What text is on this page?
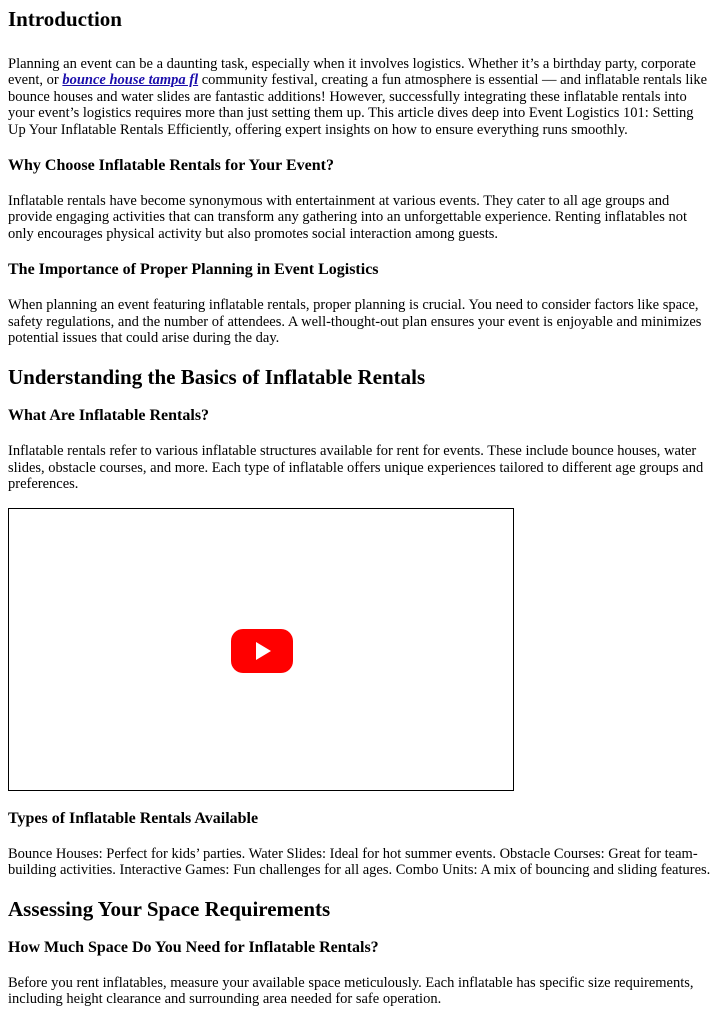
Introduction

Planning an event can be a daunting task, especially when it involves logistics. Whether it’s a birthday party, corporate event, or bounce house tampa fl community festival, creating a fun atmosphere is essential — and inflatable rentals like bounce houses and water slides are fantastic additions! However, successfully integrating these inflatable rentals into your event’s logistics requires more than just setting them up. This article dives deep into Event Logistics 101: Setting Up Your Inflatable Rentals Efficiently, offering expert insights on how to ensure everything runs smoothly.

Why Choose Inflatable Rentals for Your Event?

Inflatable rentals have become synonymous with entertainment at various events. They cater to all age groups and provide engaging activities that can transform any gathering into an unforgettable experience. Renting inflatables not only encourages physical activity but also promotes social interaction among guests.

The Importance of Proper Planning in Event Logistics

When planning an event featuring inflatable rentals, proper planning is crucial. You need to consider factors like space, safety regulations, and the number of attendees. A well-thought-out plan ensures your event is enjoyable and minimizes potential issues that could arise during the day.

Understanding the Basics of Inflatable Rentals
What Are Inflatable Rentals?

Inflatable rentals refer to various inflatable structures available for rent for events. These include bounce houses, water slides, obstacle courses, and more. Each type of inflatable offers unique experiences tailored to different age groups and preferences.

Types of Inflatable Rentals Available

Bounce Houses: Perfect for kids’ parties. Water Slides: Ideal for hot summer events. Obstacle Courses: Great for team-building activities. Interactive Games: Fun challenges for all ages. Combo Units: A mix of bouncing and sliding features.

Assessing Your Space Requirements
How Much Space Do You Need for Inflatable Rentals?

Before you rent inflatables, measure your available space meticulously. Each inflatable has specific size requirements, including height clearance and surrounding area needed for safe operation.
